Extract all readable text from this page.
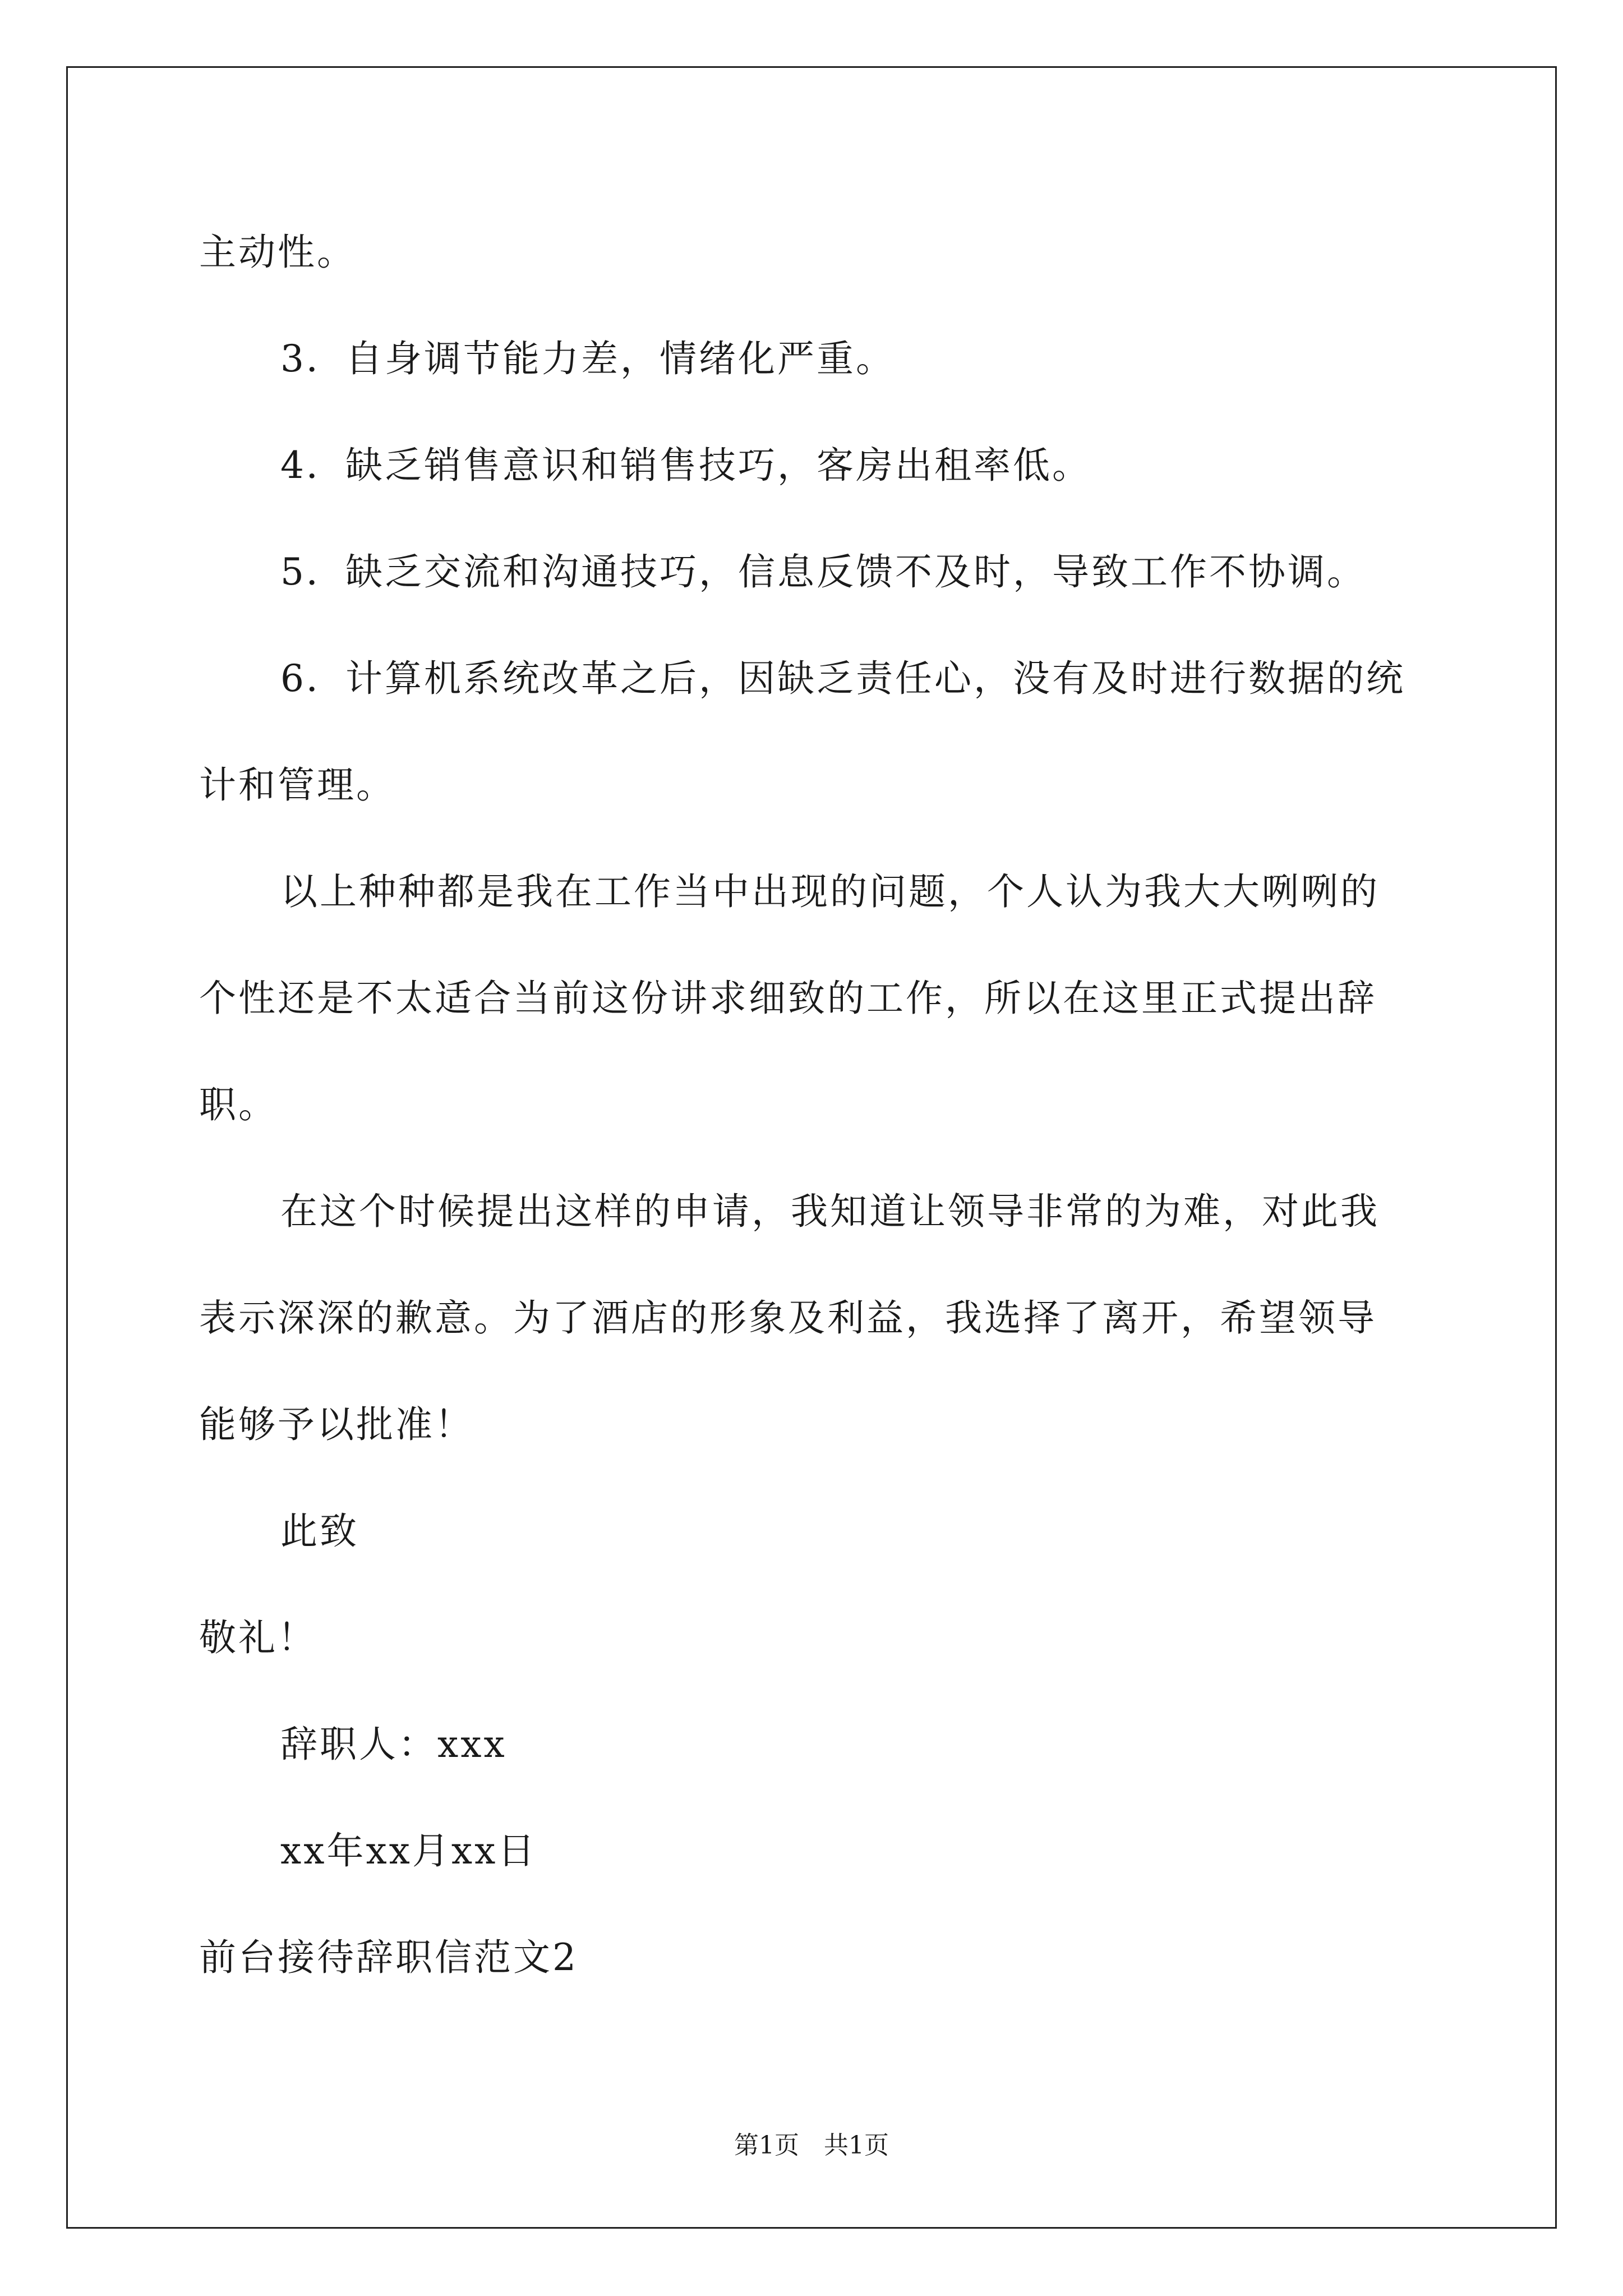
主动性。
3．自身调节能力差，情绪化严重。
4．缺乏销售意识和销售技巧，客房出租率低。
5．缺乏交流和沟通技巧，信息反馈不及时，导致工作不协调。
6．计算机系统改革之后，因缺乏责任心，没有及时进行数据的统
计和管理。
以上种种都是我在工作当中出现的问题，个人认为我大大咧咧的
个性还是不太适合当前这份讲求细致的工作，所以在这里正式提出辞
职。
在这个时候提出这样的申请，我知道让领导非常的为难，对此我
表示深深的歉意。为了酒店的形象及利益，我选择了离开，希望领导
能够予以批准！
此致
敬礼！
辞职人：xxx
xx年xx月xx日
前台接待辞职信范文2
第1页　共1页
